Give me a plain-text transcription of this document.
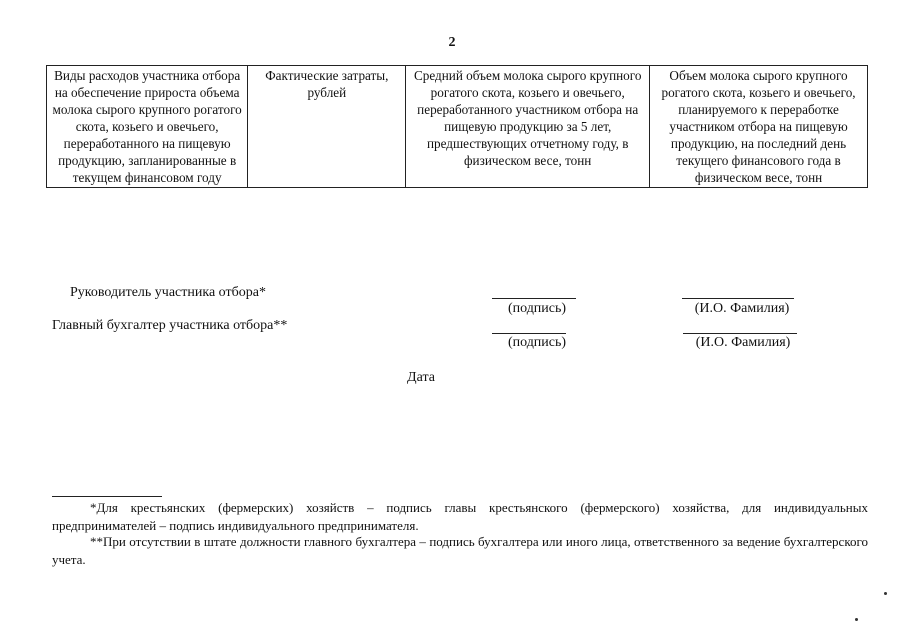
2
Виды расходов участника отбора на обеспечение прироста объема молока сырого крупного рогатого скота, козьего и овечьего, переработанного на пищевую продукцию, запланированные в текущем финансовом году	Фактические затраты, рублей	Средний объем молока сырого крупного рогатого скота, козьего и овечьего, переработанного участником отбора на пищевую продукцию за 5 лет, предшествующих отчетному году, в физическом весе, тонн	Объем молока сырого крупного рогатого скота, козьего и овечьего, планируемого к переработке участником отбора на пищевую продукцию, на последний день текущего финансового года в физическом весе, тонн
Руководитель участника отбора*
(подпись)	(И.О. Фамилия)
Главный бухгалтер участника отбора**
(подпись)	(И.О. Фамилия)
Дата
*Для крестьянских (фермерских) хозяйств – подпись главы крестьянского (фермерского) хозяйства, для индивидуальных предпринимателей – подпись индивидуального предпринимателя.
**При отсутствии в штате должности главного бухгалтера – подпись бухгалтера или иного лица, ответственного за ведение бухгалтерского учета.
